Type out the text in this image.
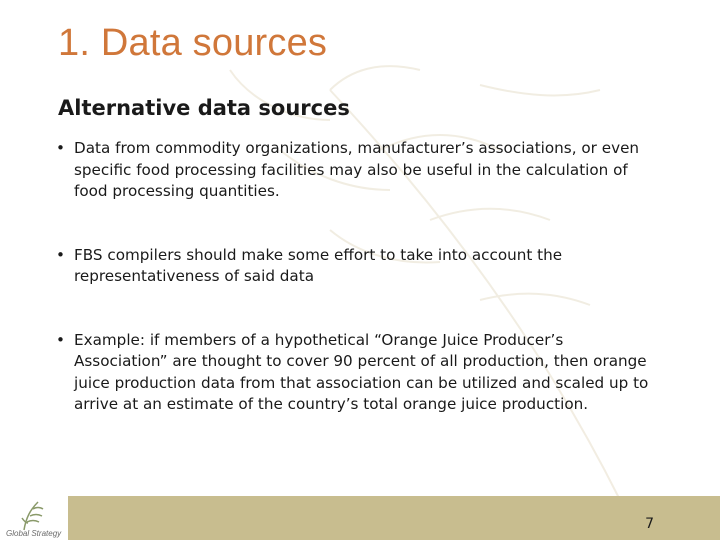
1. Data sources
Alternative data sources
• Data from commodity organizations, manufacturer’s associations, or even specific food processing facilities may also be useful in the calculation of food processing quantities.
• FBS compilers should make some effort to take into account the representativeness of said data
• Example: if members of a hypothetical “Orange Juice Producer’s Association” are thought to cover 90 percent of all production, then orange juice production data from that association can be utilized and scaled up to arrive at an estimate of the country’s total orange juice production.
Global Strategy
7
